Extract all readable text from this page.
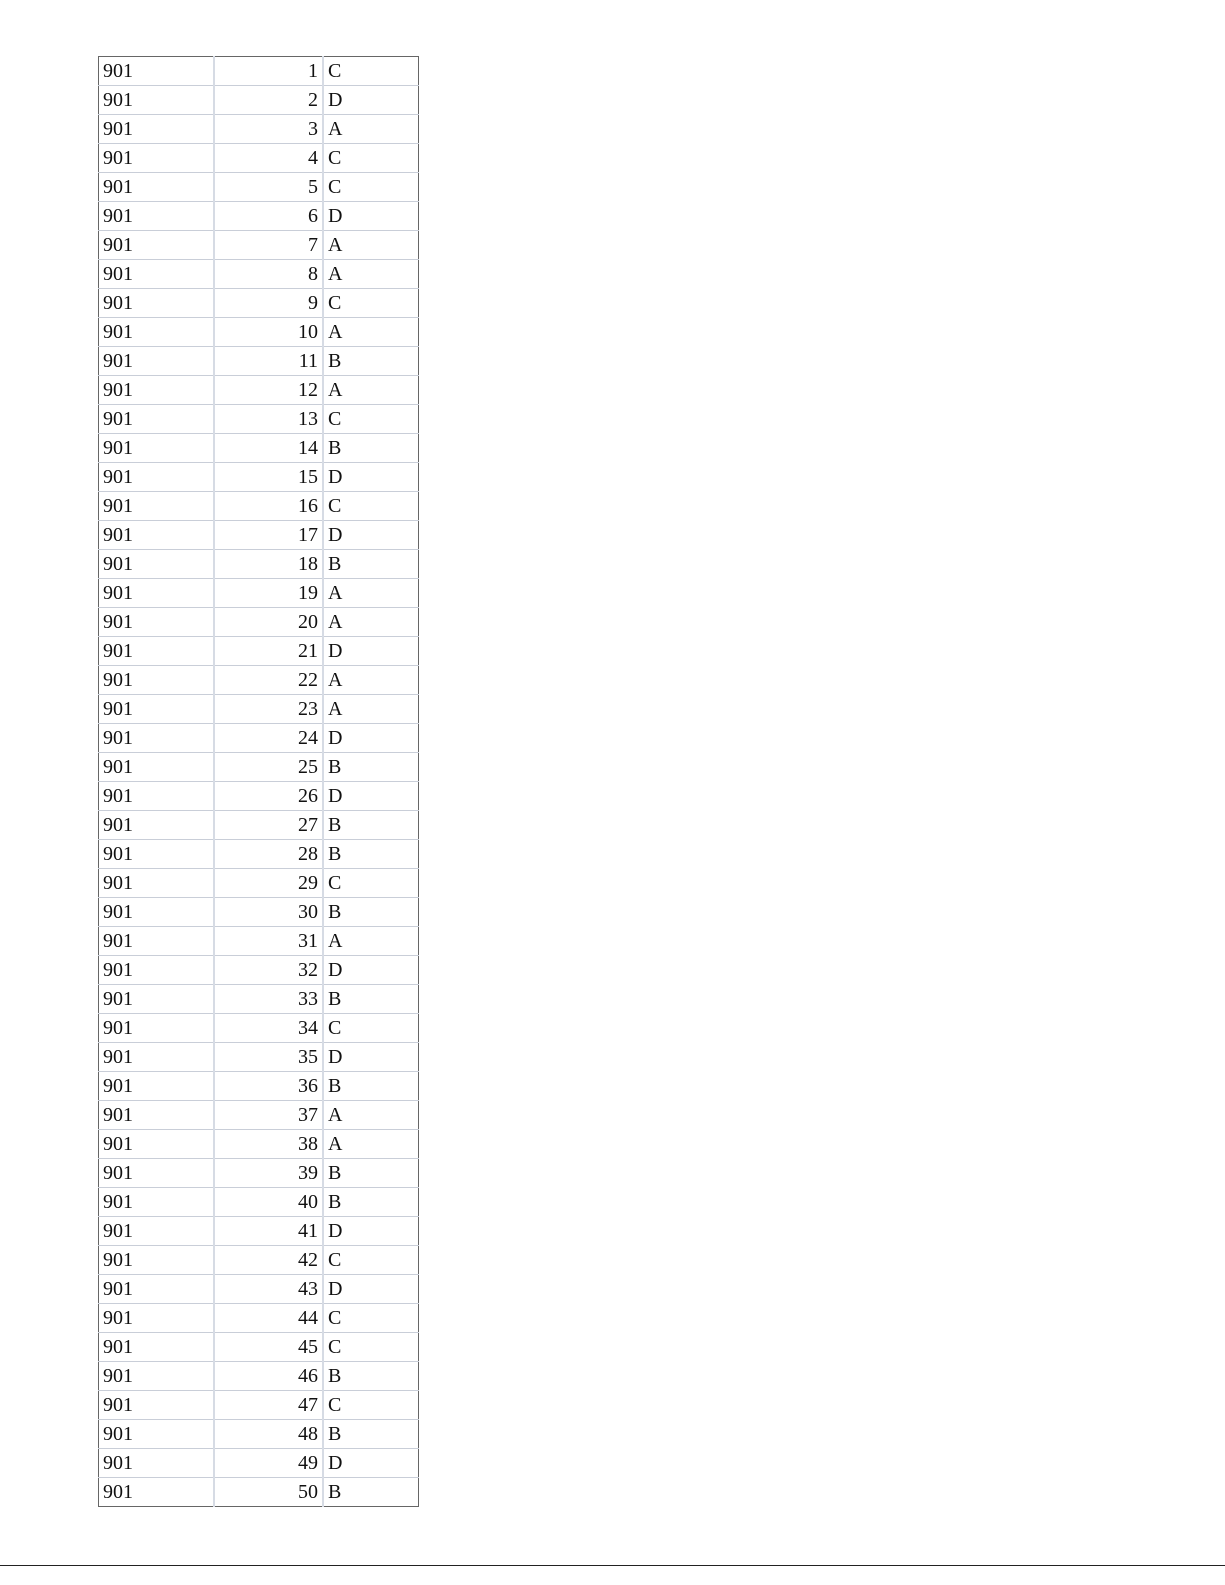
901	1	C
901	2	D
901	3	A
901	4	C
901	5	C
901	6	D
901	7	A
901	8	A
901	9	C
901	10	A
901	11	B
901	12	A
901	13	C
901	14	B
901	15	D
901	16	C
901	17	D
901	18	B
901	19	A
901	20	A
901	21	D
901	22	A
901	23	A
901	24	D
901	25	B
901	26	D
901	27	B
901	28	B
901	29	C
901	30	B
901	31	A
901	32	D
901	33	B
901	34	C
901	35	D
901	36	B
901	37	A
901	38	A
901	39	B
901	40	B
901	41	D
901	42	C
901	43	D
901	44	C
901	45	C
901	46	B
901	47	C
901	48	B
901	49	D
901	50	B
